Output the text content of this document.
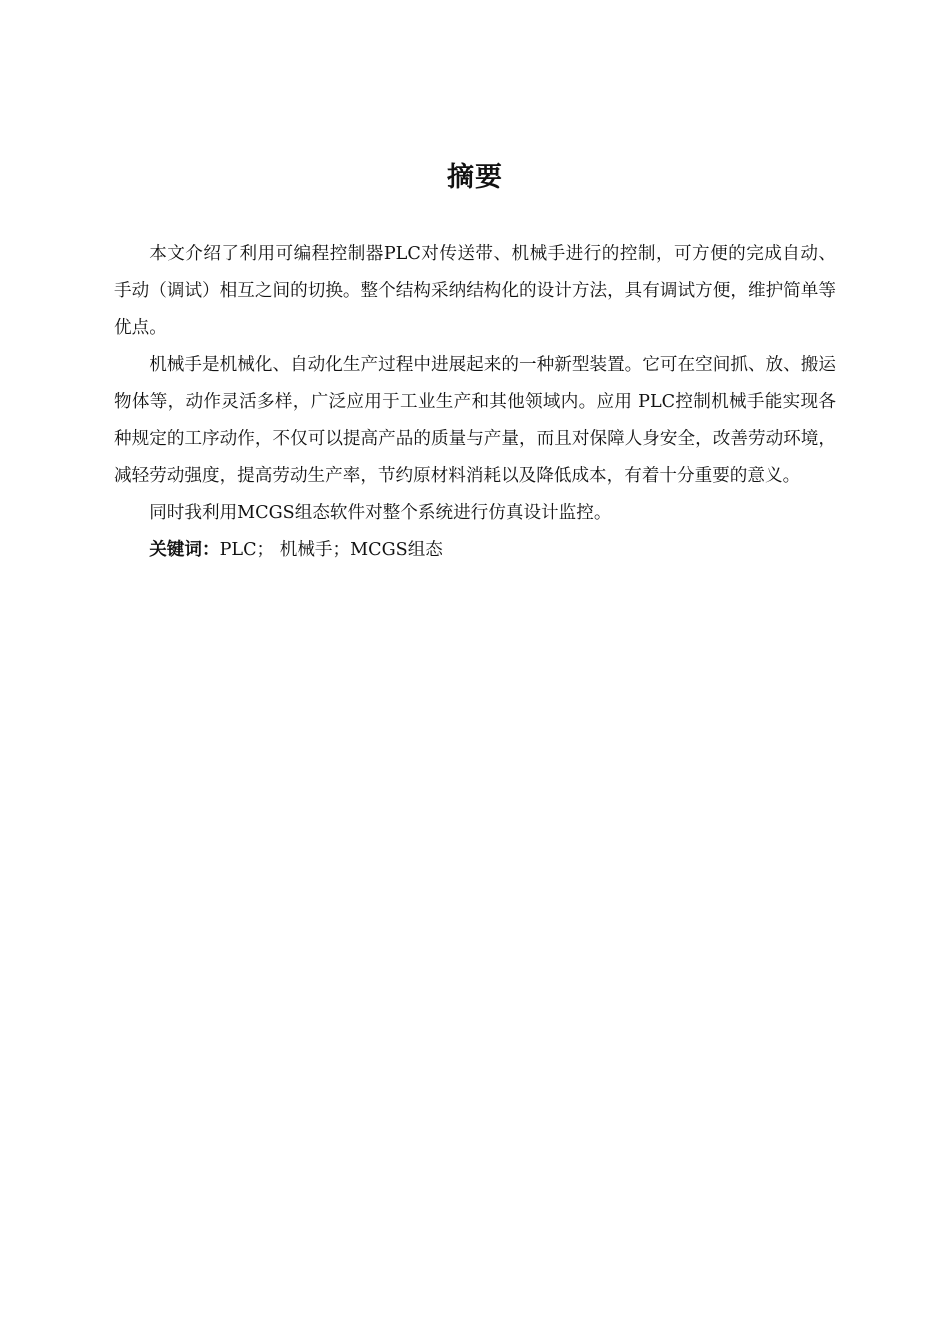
摘要

本文介绍了利用可编程控制器PLC对传送带、机械手进行的控制，可方便的完成自动、手动（调试）相互之间的切换。整个结构采纳结构化的设计方法，具有调试方便，维护简单等优点。

机械手是机械化、自动化生产过程中进展起来的一种新型装置。它可在空间抓、放、搬运物体等，动作灵活多样，广泛应用于工业生产和其他领域内。应用 PLC控制机械手能实现各种规定的工序动作，不仅可以提高产品的质量与产量，而且对保障人身安全，改善劳动环境，减轻劳动强度，提高劳动生产率，节约原材料消耗以及降低成本，有着十分重要的意义。

同时我利用MCGS组态软件对整个系统进行仿真设计监控。

关键词：PLC； 机械手；MCGS组态
